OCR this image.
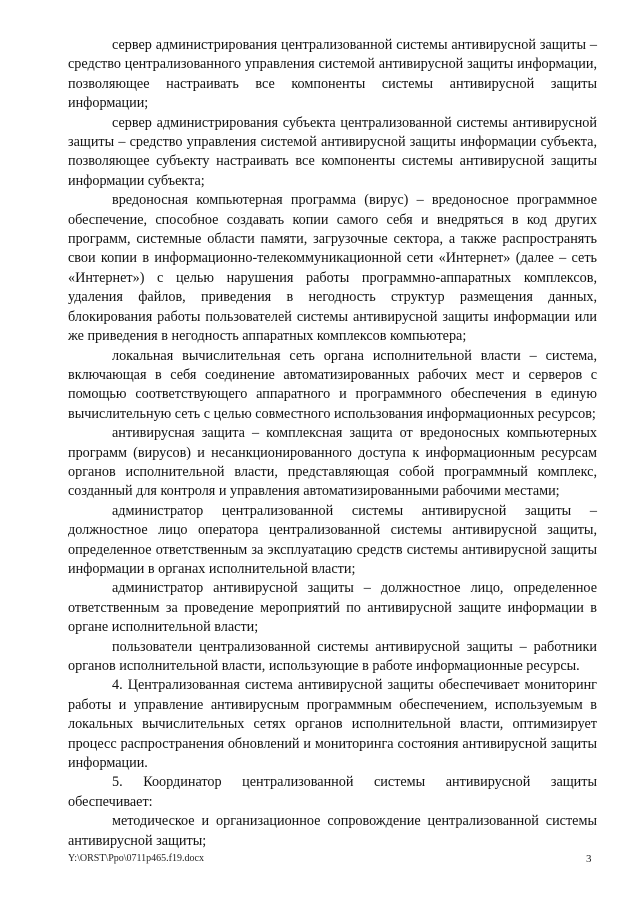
сервер администрирования централизованной системы антивирусной защиты – средство централизованного управления системой антивирусной защиты информации, позволяющее настраивать все компоненты системы антивирусной защиты информации;

сервер администрирования субъекта централизованной системы антивирусной защиты – средство управления системой антивирусной защиты информации субъекта, позволяющее субъекту настраивать все компоненты системы антивирусной защиты информации субъекта;

вредоносная компьютерная программа (вирус) – вредоносное программное обеспечение, способное создавать копии самого себя и внедряться в код других программ, системные области памяти, загрузочные сектора, а также распространять свои копии в информационно-телекоммуникационной сети «Интернет» (далее – сеть «Интернет») с целью нарушения работы программно-аппаратных комплексов, удаления файлов, приведения в негодность структур размещения данных, блокирования работы пользователей системы антивирусной защиты информации или же приведения в негодность аппаратных комплексов компьютера;

локальная вычислительная сеть органа исполнительной власти – система, включающая в себя соединение автоматизированных рабочих мест и серверов с помощью соответствующего аппаратного и программного обеспечения в единую вычислительную сеть с целью совместного использования информационных ресурсов;

антивирусная защита – комплексная защита от вредоносных компьютерных программ (вирусов) и несанкционированного доступа к информационным ресурсам органов исполнительной власти, представляющая собой программный комплекс, созданный для контроля и управления автоматизированными рабочими местами;

администратор централизованной системы антивирусной защиты – должностное лицо оператора централизованной системы антивирусной защиты, определенное ответственным за эксплуатацию средств системы антивирусной защиты информации в органах исполнительной власти;

администратор антивирусной защиты – должностное лицо, определенное ответственным за проведение мероприятий по антивирусной защите информации в органе исполнительной власти;

пользователи централизованной системы антивирусной защиты – работники органов исполнительной власти, использующие в работе информационные ресурсы.

4. Централизованная система антивирусной защиты обеспечивает мониторинг работы и управление антивирусным программным обеспечением, используемым в локальных вычислительных сетях органов исполнительной власти, оптимизирует процесс распространения обновлений и мониторинга состояния антивирусной защиты информации.

5. Координатор централизованной системы антивирусной защиты обеспечивает:

методическое и организационное сопровождение централизованной системы антивирусной защиты;

Y:\ORST\Ppo\0711p465.f19.docx	3
